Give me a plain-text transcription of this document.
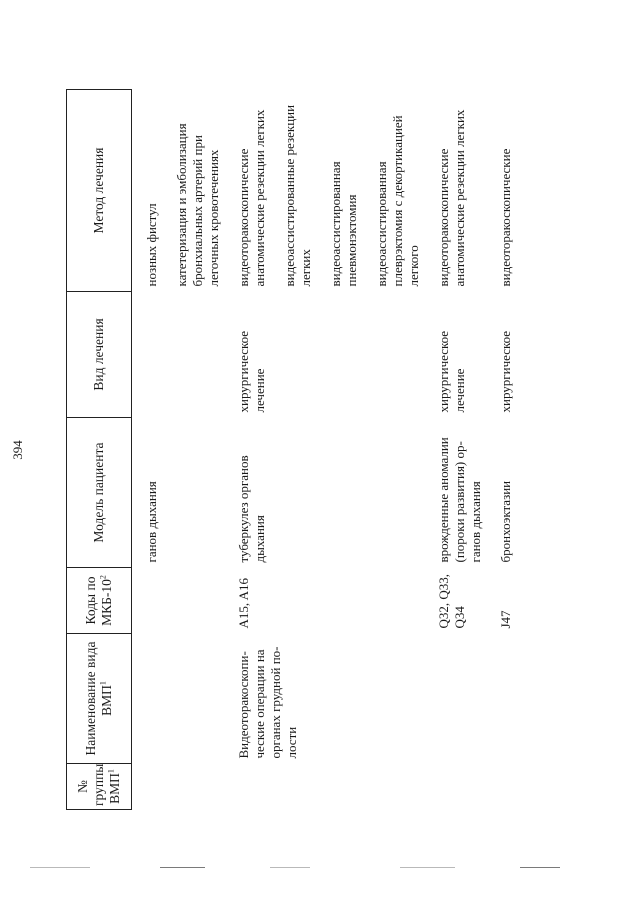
394
№ группы ВМП$^1$	Наименование вида ВМП$^1$	Коды по МКБ-$10^2$	Модель пациента	Вид лечения	Метод лечения

			ганов дыхания		нозных фистул катетеризация и эмболизация бронхиальных артерий при легочных кровотечениях

	Видеоторакоскопические операции на органах грудной полости	A15, A16	туберкулез органов дыхания	хирургическое лечение	видеоторакоскопические анатомические резекции легких видеоассистированные резекции легких видеоассистированная пневмонэктомия видеоассистированная плеврэктомия с декортикацией легкого

		Q32, Q33, Q34	врожденные аномалии (пороки развития) органов дыхания	хирургическое лечение	видеоторакоскопические анатомические резекции легких

		J47	бронхоэктазии	хирургическое	видеоторакоскопические
